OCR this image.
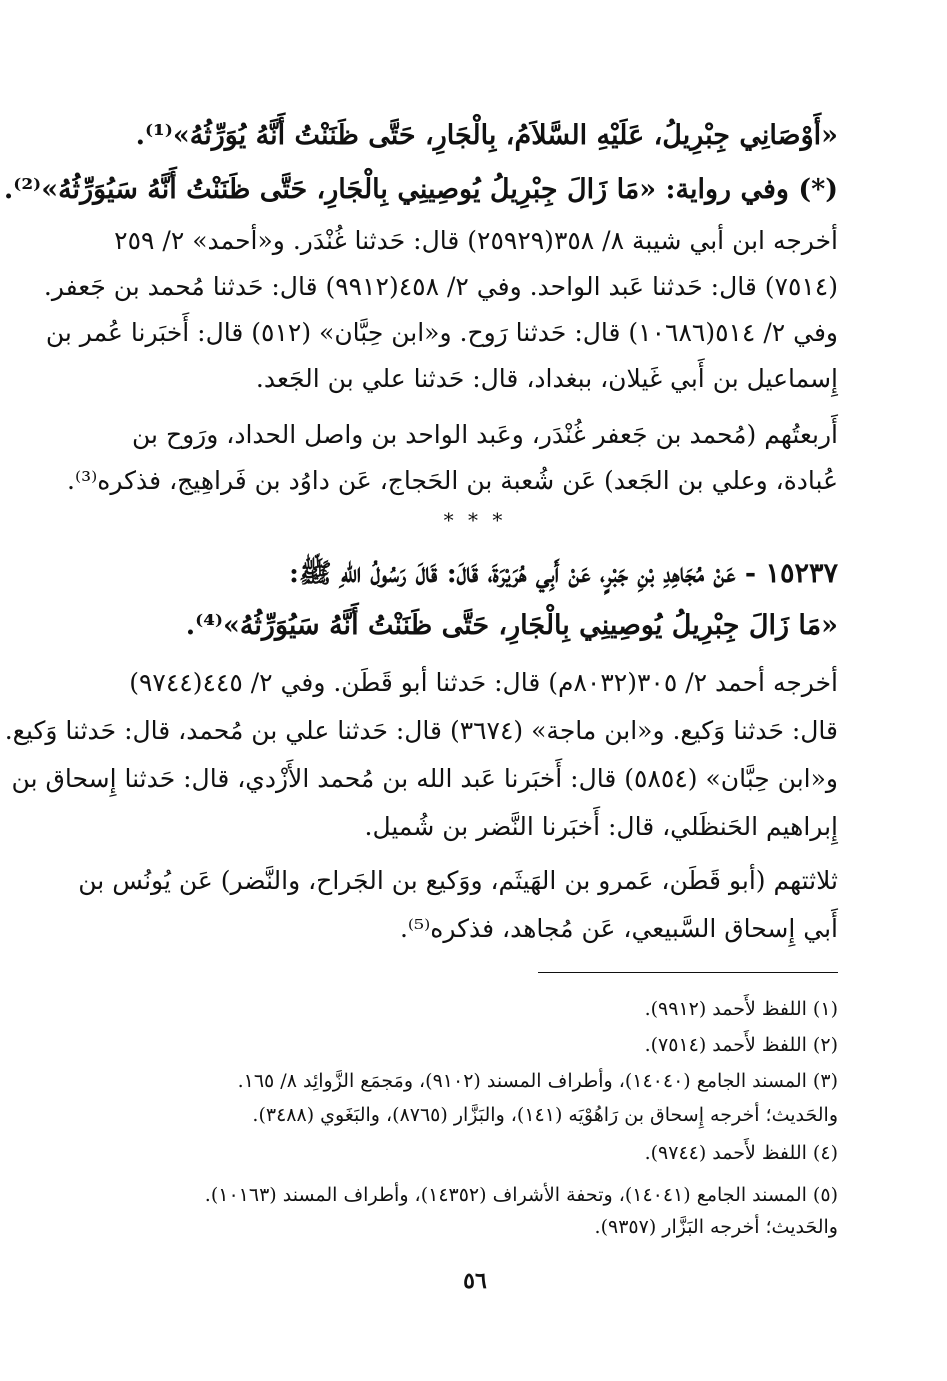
«أَوْصَانِي جِبْرِيلُ، عَلَيْهِ السَّلاَمُ، بِالْجَارِ، حَتَّى ظَنَنْتُ أَنَّهُ يُوَرِّثُهُ»⁽¹⁾.
(*) وفي رواية: «مَا زَالَ جِبْرِيلُ يُوصِينِي بِالْجَارِ، حَتَّى ظَنَنْتُ أَنَّهُ سَيُوَرِّثُهُ»⁽²⁾.
أخرجه ابن أبي شيبة ٨/ ٣٥٨(٢٥٩٢٩) قال: حَدثنا غُنْدَر. و«أحمد» ٢/ ٢٥٩
(٧٥١٤) قال: حَدثنا عَبد الواحد. وفي ٢/ ٤٥٨(٩٩١٢) قال: حَدثنا مُحمد بن جَعفر.
وفي ٢/ ٥١٤(١٠٦٨٦) قال: حَدثنا رَوح. و«ابن حِبَّان» (٥١٢) قال: أَخبَرنا عُمر بن
إِسماعيل بن أَبي غَيلان، ببغداد، قال: حَدثنا علي بن الجَعد.
أَربعتُهم (مُحمد بن جَعفر غُنْدَر، وعَبد الواحد بن واصل الحداد، ورَوح بن
عُبادة، وعلي بن الجَعد) عَن شُعبة بن الحَجاج، عَن داوُد بن فَراهِيج، فذكره⁽³⁾.
* * *
١٥٢٣٧ - عَنْ مُجَاهِدِ بْنِ جَبْرٍ، عَنْ أَبِي هُرَيْرَةَ، قَالَ: قَالَ رَسُولُ اللهِ ﷺ:
«مَا زَالَ جِبْرِيلُ يُوصِينِي بِالْجَارِ، حَتَّى ظَنَنْتُ أَنَّهُ سَيُوَرِّثُهُ»⁽⁴⁾.
أخرجه أحمد ٢/ ٣٠٥(٨٠٣٢م) قال: حَدثنا أبو قَطَن. وفي ٢/ ٤٤٥(٩٧٤٤)
قال: حَدثنا وَكيع. و«ابن ماجة» (٣٦٧٤) قال: حَدثنا علي بن مُحمد، قال: حَدثنا وَكيع.
و«ابن حِبَّان» (٥٨٥٤) قال: أَخبَرنا عَبد الله بن مُحمد الأَزْدي، قال: حَدثنا إِسحاق بن
إِبراهيم الحَنظَلي، قال: أَخبَرنا النَّضر بن شُميل.
ثلاثتهم (أبو قَطَن، عَمرو بن الهَيثَم، ووَكيع بن الجَراح، والنَّضر) عَن يُونُس بن
أَبي إِسحاق السَّبيعي، عَن مُجاهد، فذكره⁽⁵⁾.
(١) اللفظ لأَحمد (٩٩١٢).
(٢) اللفظ لأَحمد (٧٥١٤).
(٣) المسند الجامع (١٤٠٤٠)، وأطراف المسند (٩١٠٢)، ومَجمَع الزَّوائِد ٨/ ١٦٥.
والحَديث؛ أخرجه إِسحاق بن رَاهُوْيَه (١٤١)، والبَزَّار (٨٧٦٥)، والبَغَوي (٣٤٨٨).
(٤) اللفظ لأَحمد (٩٧٤٤).
(٥) المسند الجامع (١٤٠٤١)، وتحفة الأشراف (١٤٣٥٢)، وأطراف المسند (١٠١٦٣).
والحَديث؛ أخرجه البَزَّار (٩٣٥٧).
٥٦
